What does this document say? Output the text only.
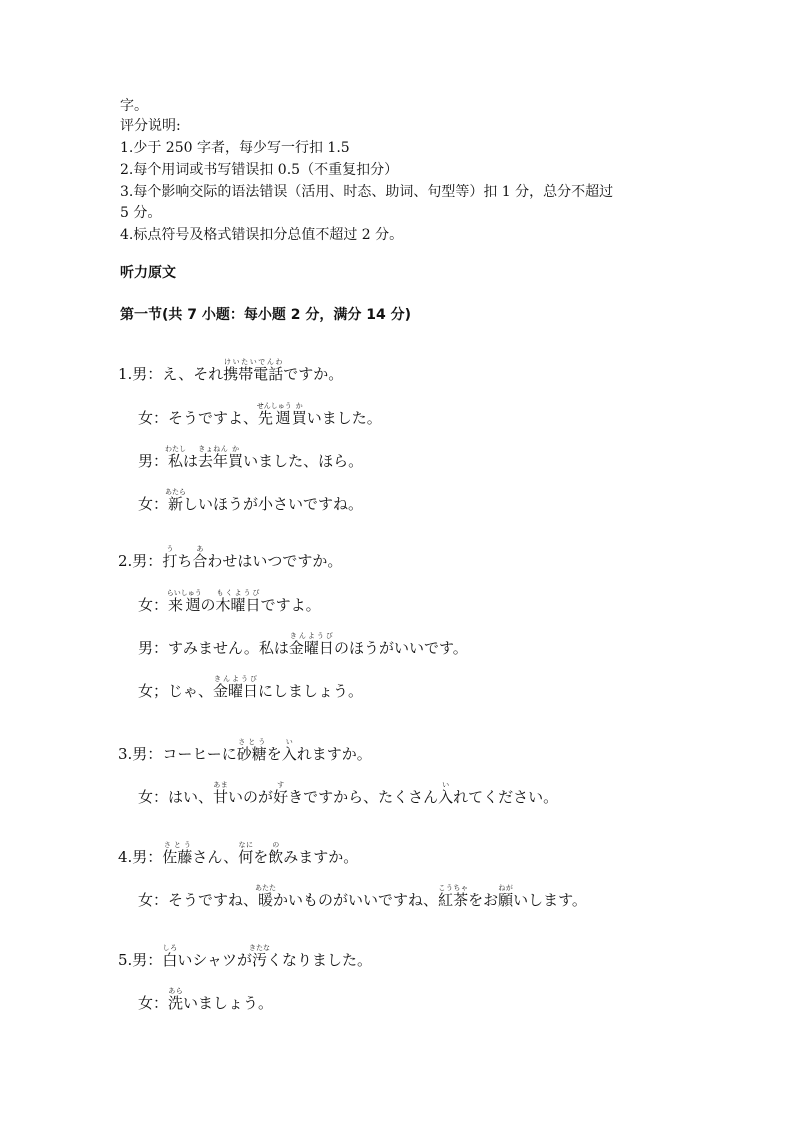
字。
评分说明:
1.少于 250 字者，每少写一行扣 1.5
2.每个用词或书写错误扣 0.5（不重复扣分）
3.每个影响交际的语法错误（活用、时态、助词、句型等）扣 1 分，总分不超过
5 分。
4.标点符号及格式错误扣分总值不超过 2 分。
听力原文
第一节(共 7 小题：每小题 2 分，满分 14 分)
1.男：え、それ携帯電話けいたいでんわですか。
女：そうですよ、先週せんしゅう買かいました。
男：私わたしは去年きょねん買かいました、ほら。
女：新あたらしいほうが小さいですね。
2.男：打うち合あわせはいつですか。
女：来週らいしゅうの木曜日もくようびですよ。
男：すみません。私は金曜日きんようびのほうがいいです。
女；じゃ、金曜日きんようびにしましょう。
3.男：コーヒーに砂糖さとうを入いれますか。
女：はい、甘あまいのが好すきですから、たくさん入いれてください。
4.男：佐藤さとうさん、何なにを飲のみますか。
女：そうですね、暖あたたかいものがいいですね、紅茶こうちゃをお願ねがいします。
5.男：白しろいシャツが汚きたなくなりました。
女：洗あらいましょう。
